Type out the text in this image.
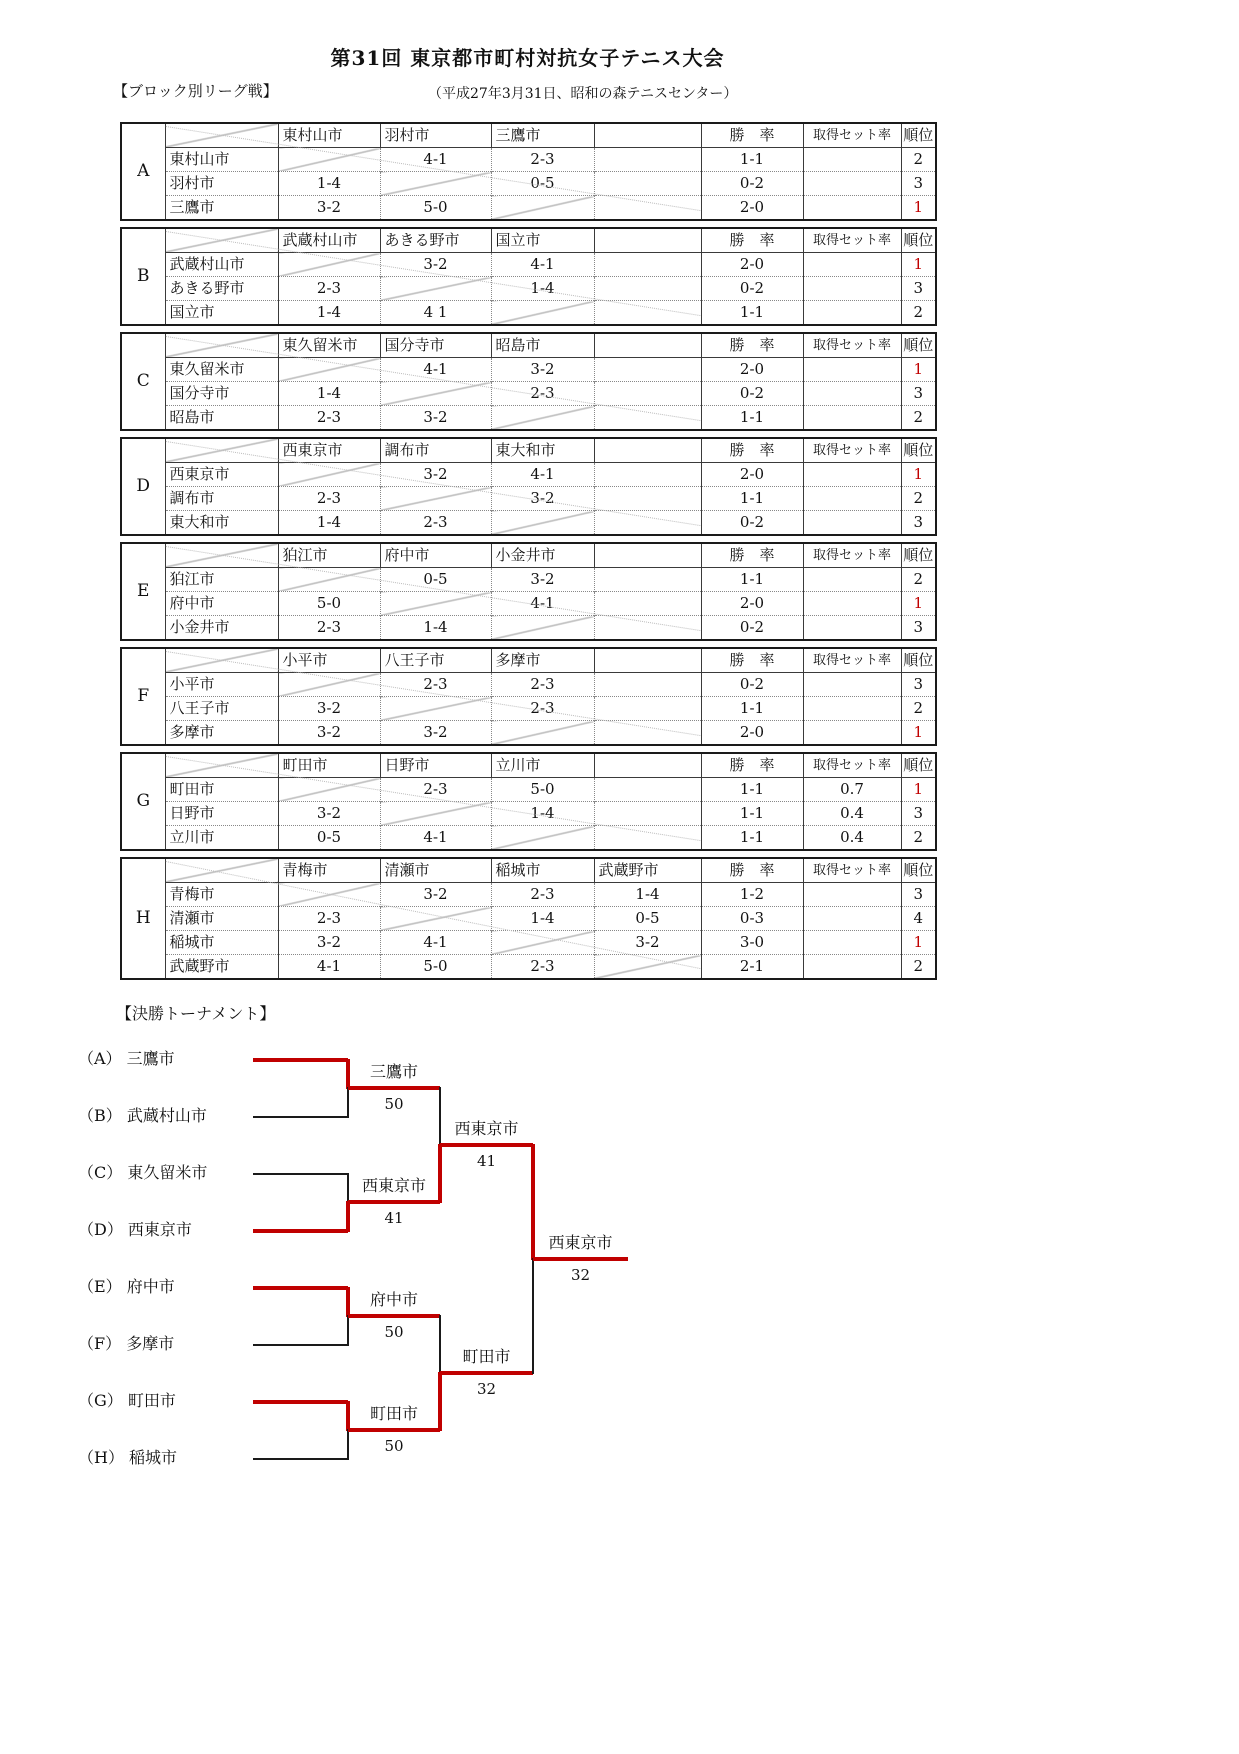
第31回 東京都市町村対抗女子テニス大会
【ブロック別リーグ戦】	（平成27年3月31日、昭和の森テニスセンター）
A		東村山市	羽村市	三鷹市		勝　率	取得セット率	順位
	東村山市		4-1	2-3		1-1		2
	羽村市	1-4		0-5		0-2		3
	三鷹市	3-2	5-0			2-0		1
B		武蔵村山市	あきる野市	国立市		勝　率	取得セット率	順位
	武蔵村山市		3-2	4-1		2-0		1
	あきる野市	2-3		1-4		0-2		3
	国立市	1-4	4 1			1-1		2
C		東久留米市	国分寺市	昭島市		勝　率	取得セット率	順位
	東久留米市		4-1	3-2		2-0		1
	国分寺市	1-4		2-3		0-2		3
	昭島市	2-3	3-2			1-1		2
D		西東京市	調布市	東大和市		勝　率	取得セット率	順位
	西東京市		3-2	4-1		2-0		1
	調布市	2-3		3-2		1-1		2
	東大和市	1-4	2-3			0-2		3
E		狛江市	府中市	小金井市		勝　率	取得セット率	順位
	狛江市		0-5	3-2		1-1		2
	府中市	5-0		4-1		2-0		1
	小金井市	2-3	1-4			0-2		3
F		小平市	八王子市	多摩市		勝　率	取得セット率	順位
	小平市		2-3	2-3		0-2		3
	八王子市	3-2		2-3		1-1		2
	多摩市	3-2	3-2			2-0		1
G		町田市	日野市	立川市		勝　率	取得セット率	順位
	町田市		2-3	5-0		1-1	0.7	1
	日野市	3-2		1-4		1-1	0.4	3
	立川市	0-5	4-1			1-1	0.4	2
H		青梅市	清瀬市	稲城市	武蔵野市	勝　率	取得セット率	順位
	青梅市		3-2	2-3	1-4	1-2		3
	清瀬市	2-3		1-4	0-5	0-3		4
	稲城市	3-2	4-1		3-2	3-0		1
	武蔵野市	4-1	5-0	2-3		2-1		2
【決勝トーナメント】
（A） 三鷹市
（B） 武蔵村山市
（C） 東久留米市
（D） 西東京市
（E） 府中市
（F） 多摩市
（G） 町田市
（H） 稲城市
三鷹市
50
西東京市
41
府中市
50
町田市
50
西東京市
41
町田市
32
西東京市
32
